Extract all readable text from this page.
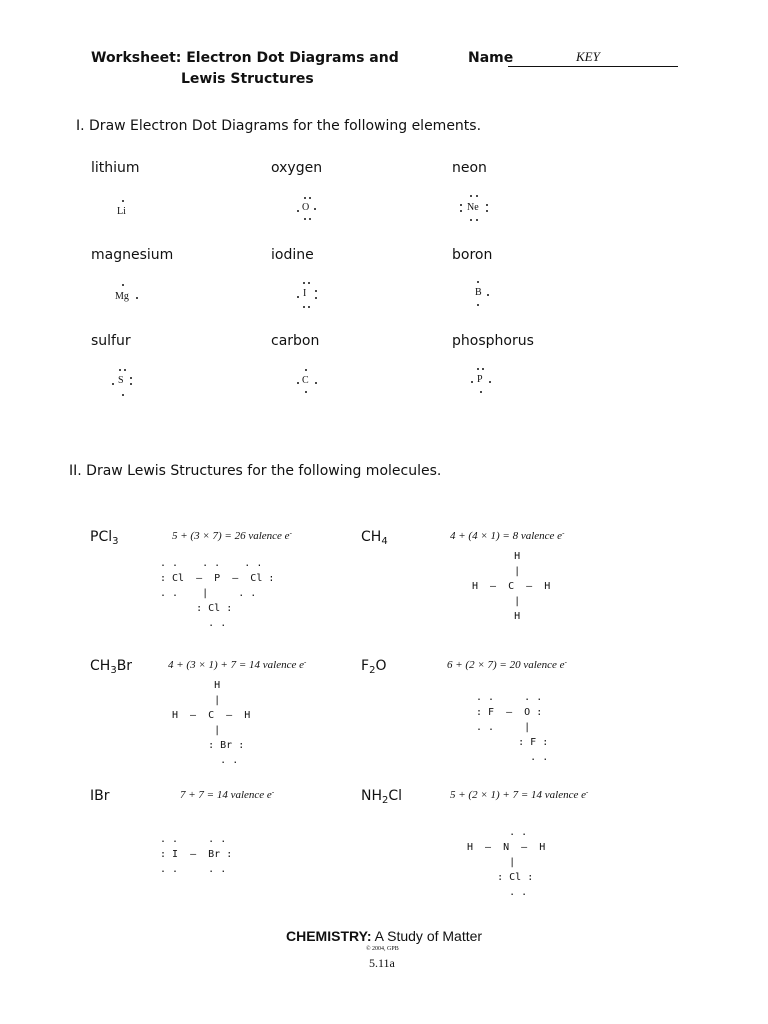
Worksheet: Electron Dot Diagrams and
Lewis Structures
Name	KEY
I. Draw Electron Dot Diagrams for the following elements.
lithium	oxygen	neon
Li	O	Ne
magnesium	iodine	boron
Mg	I	B
sulfur	carbon	phosphorus
S	C	P
II. Draw Lewis Structures for the following molecules.
PCl$_3$	5 + (3 × 7) = 26 valence e-
. .    . .    . .
: Cl  –  P  –  Cl :
. .    |     . .
: Cl :
. .
$CH_4$	4 + (4 × 1) = 8 valence e-
H
|
H  –  C  –  H
|
H
$CH_3Br$	4 + (3 × 1) + 7 = 14 valence e-
H
|
H  –  C  –  H
|
: Br :
. .
$F_2O$	6 + (2 × 7) = 20 valence e-
. .     . .
: F  –  O :
. .     |
: F :
. .
IBr	7 + 7 = 14 valence e-
. .     . .
: I  –  Br :
. .     . .
$NH_2Cl$	5 + (2 × 1) + 7 = 14 valence e-
. .
H  –  N  –  H
|
: Cl :
. .
CHEMISTRY: A Study of Matter
© 2004, GPB
5.11a
